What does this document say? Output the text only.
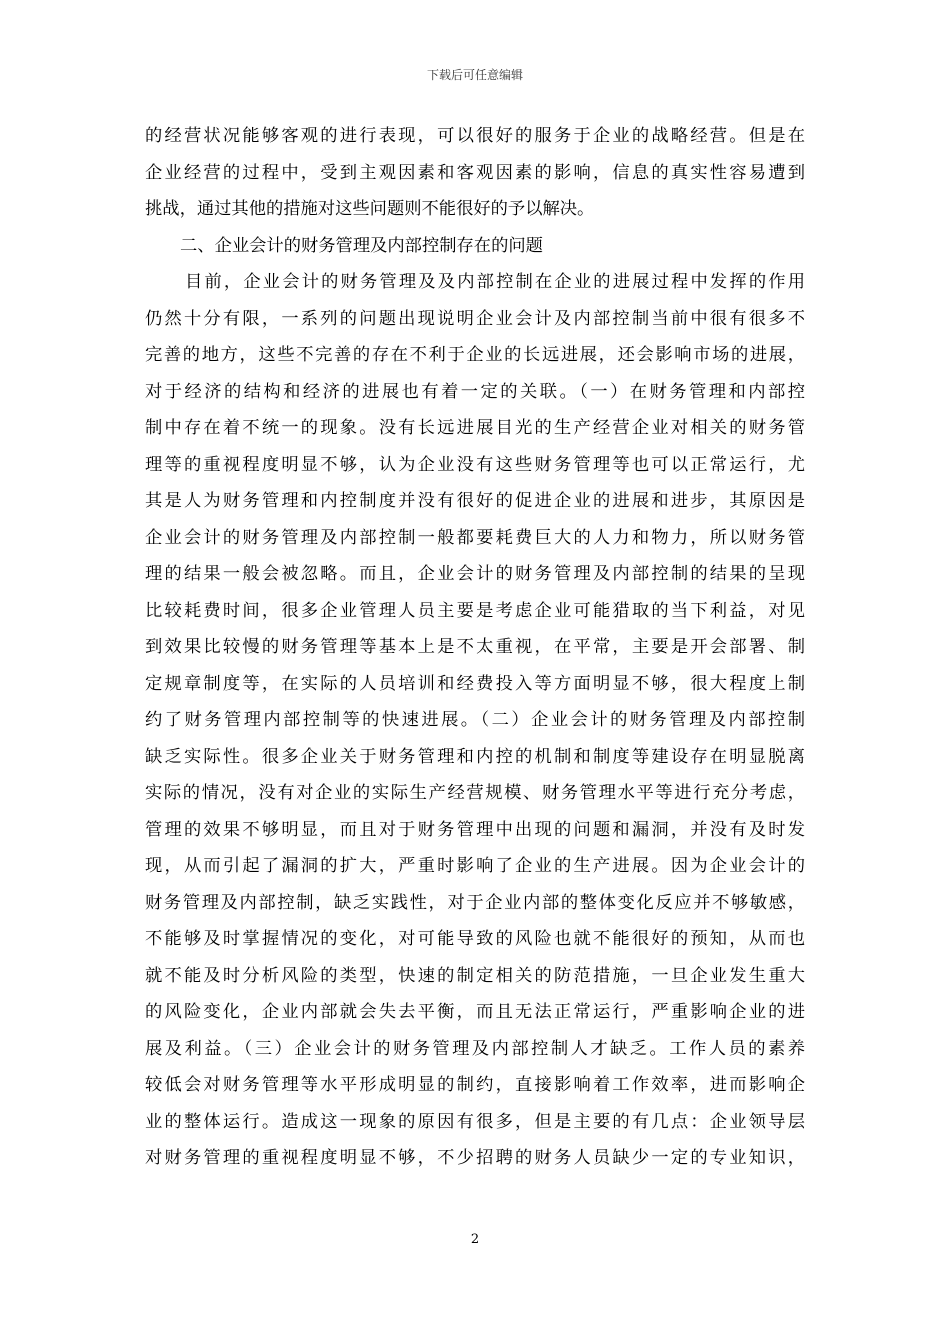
下载后可任意编辑
的经营状况能够客观的进行表现，可以很好的服务于企业的战略经营。但是在
企业经营的过程中，受到主观因素和客观因素的影响，信息的真实性容易遭到
挑战，通过其他的措施对这些问题则不能很好的予以解决。
二、企业会计的财务管理及内部控制存在的问题
目前，企业会计的财务管理及及内部控制在企业的进展过程中发挥的作用
仍然十分有限，一系列的问题出现说明企业会计及内部控制当前中很有很多不
完善的地方，这些不完善的存在不利于企业的长远进展，还会影响市场的进展，
对于经济的结构和经济的进展也有着一定的关联。（一）在财务管理和内部控
制中存在着不统一的现象。没有长远进展目光的生产经营企业对相关的财务管
理等的重视程度明显不够，认为企业没有这些财务管理等也可以正常运行，尤
其是人为财务管理和内控制度并没有很好的促进企业的进展和进步，其原因是
企业会计的财务管理及内部控制一般都要耗费巨大的人力和物力，所以财务管
理的结果一般会被忽略。而且，企业会计的财务管理及内部控制的结果的呈现
比较耗费时间，很多企业管理人员主要是考虑企业可能猎取的当下利益，对见
到效果比较慢的财务管理等基本上是不太重视，在平常，主要是开会部署、制
定规章制度等，在实际的人员培训和经费投入等方面明显不够，很大程度上制
约了财务管理内部控制等的快速进展。（二）企业会计的财务管理及内部控制
缺乏实际性。很多企业关于财务管理和内控的机制和制度等建设存在明显脱离
实际的情况，没有对企业的实际生产经营规模、财务管理水平等进行充分考虑，
管理的效果不够明显，而且对于财务管理中出现的问题和漏洞，并没有及时发
现，从而引起了漏洞的扩大，严重时影响了企业的生产进展。因为企业会计的
财务管理及内部控制，缺乏实践性，对于企业内部的整体变化反应并不够敏感，
不能够及时掌握情况的变化，对可能导致的风险也就不能很好的预知，从而也
就不能及时分析风险的类型，快速的制定相关的防范措施，一旦企业发生重大
的风险变化，企业内部就会失去平衡，而且无法正常运行，严重影响企业的进
展及利益。（三）企业会计的财务管理及内部控制人才缺乏。工作人员的素养
较低会对财务管理等水平形成明显的制约，直接影响着工作效率，进而影响企
业的整体运行。造成这一现象的原因有很多，但是主要的有几点：企业领导层
对财务管理的重视程度明显不够，不少招聘的财务人员缺少一定的专业知识，
2
